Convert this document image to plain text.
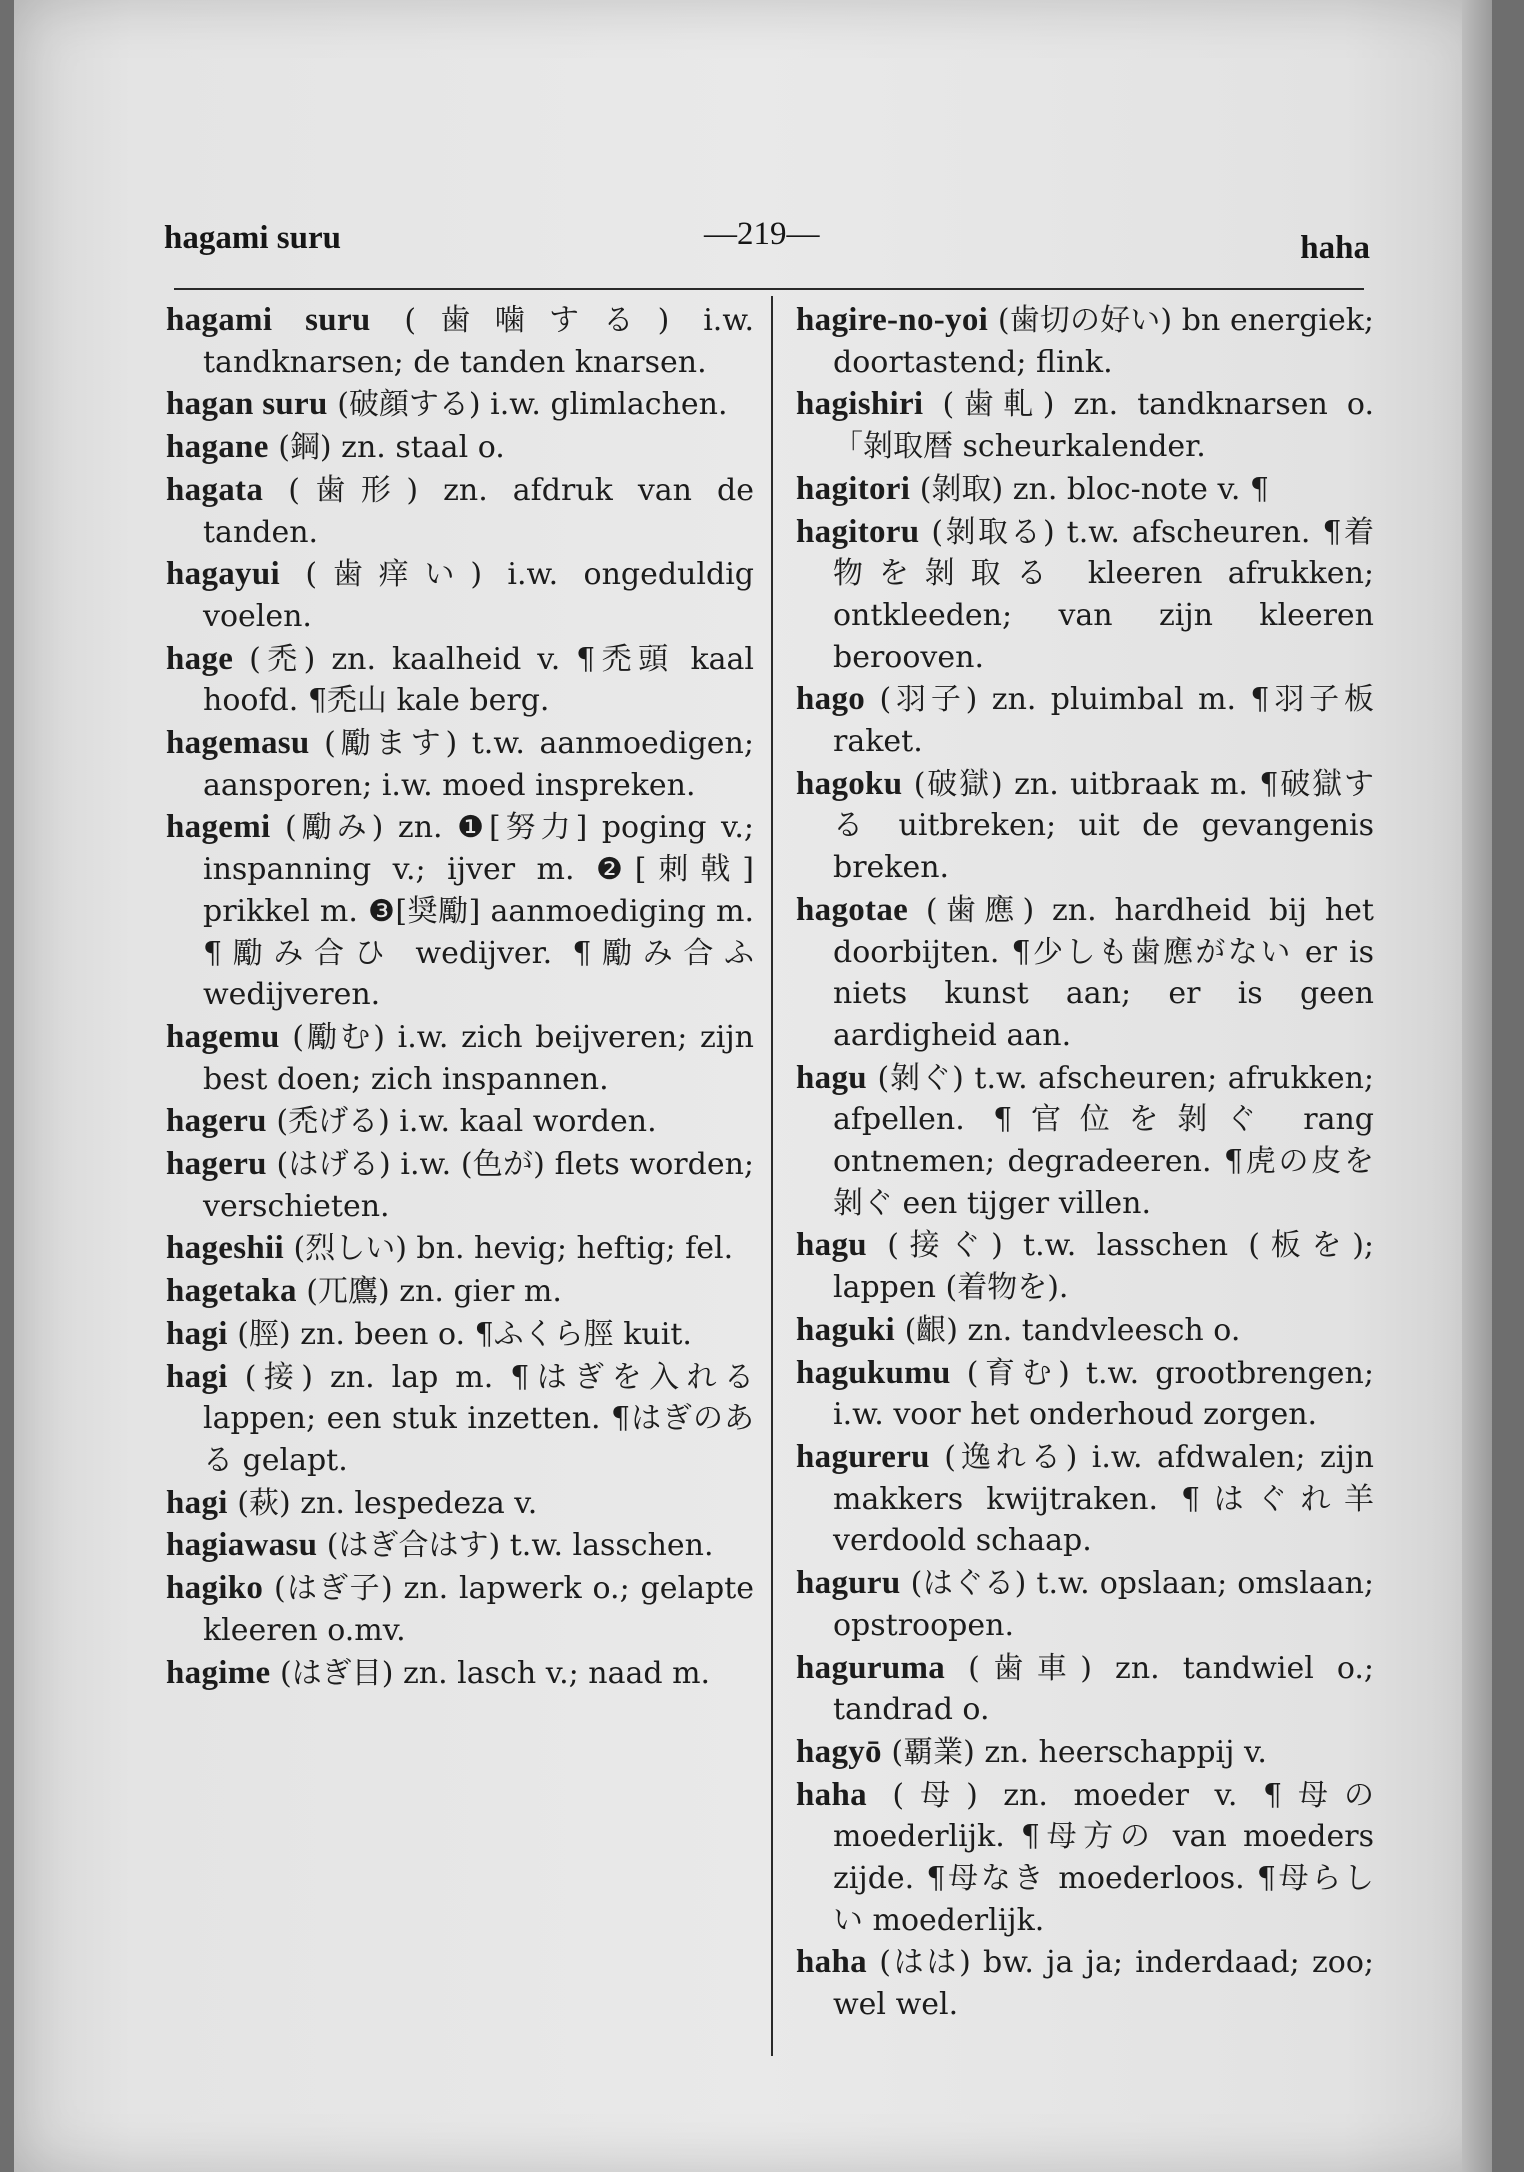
hagami suru	—219—	haha
hagami suru (歯噛する) i.w. tandknarsen; de tanden knarsen.
hagan suru (破顔する) i.w. glimlachen.
hagane (鋼) zn. staal o.
hagata (歯形) zn. afdruk van de tanden.
hagayui (歯痒い) i.w. ongeduldig voelen.
hage (禿) zn. kaalheid v. ¶禿頭 kaal hoofd. ¶禿山 kale berg.
hagemasu (勵ます) t.w. aanmoedigen; aansporen; i.w. moed inspreken.
hagemi (勵み) zn. ❶[努力] poging v.; inspanning v.; ijver m. ❷[刺戟] prikkel m. ❸[奨勵] aanmoediging m. ¶勵み合ひ wedijver. ¶勵み合ふ wedijveren.
hagemu (勵む) i.w. zich beijveren; zijn best doen; zich inspannen.
hageru (禿げる) i.w. kaal worden.
hageru (はげる) i.w. (色が) flets worden; verschieten.
hageshii (烈しい) bn. hevig; heftig; fel.
hagetaka (兀鷹) zn. gier m.
hagi (脛) zn. been o. ¶ふくら脛 kuit.
hagi (接) zn. lap m. ¶はぎを入れる lappen; een stuk inzetten. ¶はぎのある gelapt.
hagi (萩) zn. lespedeza v.
hagiawasu (はぎ合はす) t.w. lasschen.
hagiko (はぎ子) zn. lapwerk o.; gelapte kleeren o.mv.
hagime (はぎ目) zn. lasch v.; naad m.
hagire-no-yoi (歯切の好い) bn energiek; doortastend; flink.
hagishiri (歯軋) zn. tandknarsen o. 「剝取暦 scheurkalender.
hagitori (剝取) zn. bloc-note v. ¶
hagitoru (剝取る) t.w. afscheuren. ¶着物を剝取る kleeren afrukken; ontkleeden; van zijn kleeren berooven.
hago (羽子) zn. pluimbal m. ¶羽子板 raket.
hagoku (破獄) zn. uitbraak m. ¶破獄する uitbreken; uit de gevangenis breken.
hagotae (歯應) zn. hardheid bij het doorbijten. ¶少しも歯應がない er is niets kunst aan; er is geen aardigheid aan.
hagu (剝ぐ) t.w. afscheuren; afrukken; afpellen. ¶官位を剝ぐ rang ontnemen; degradeeren. ¶虎の皮を剝ぐ een tijger villen.
hagu (接ぐ) t.w. lasschen (板を); lappen (着物を).
haguki (齦) zn. tandvleesch o.
hagukumu (育む) t.w. grootbrengen; i.w. voor het onderhoud zorgen.
hagureru (逸れる) i.w. afdwalen; zijn makkers kwijtraken. ¶はぐれ羊 verdoold schaap.
haguru (はぐる) t.w. opslaan; omslaan; opstroopen.
haguruma (歯車) zn. tandwiel o.; tandrad o.
hagyō (覇業) zn. heerschappij v.
haha (母) zn. moeder v. ¶母の moederlijk. ¶母方の van moeders zijde. ¶母なき moederloos. ¶母らしい moederlijk.
haha (はは) bw. ja ja; inderdaad; zoo; wel wel.
